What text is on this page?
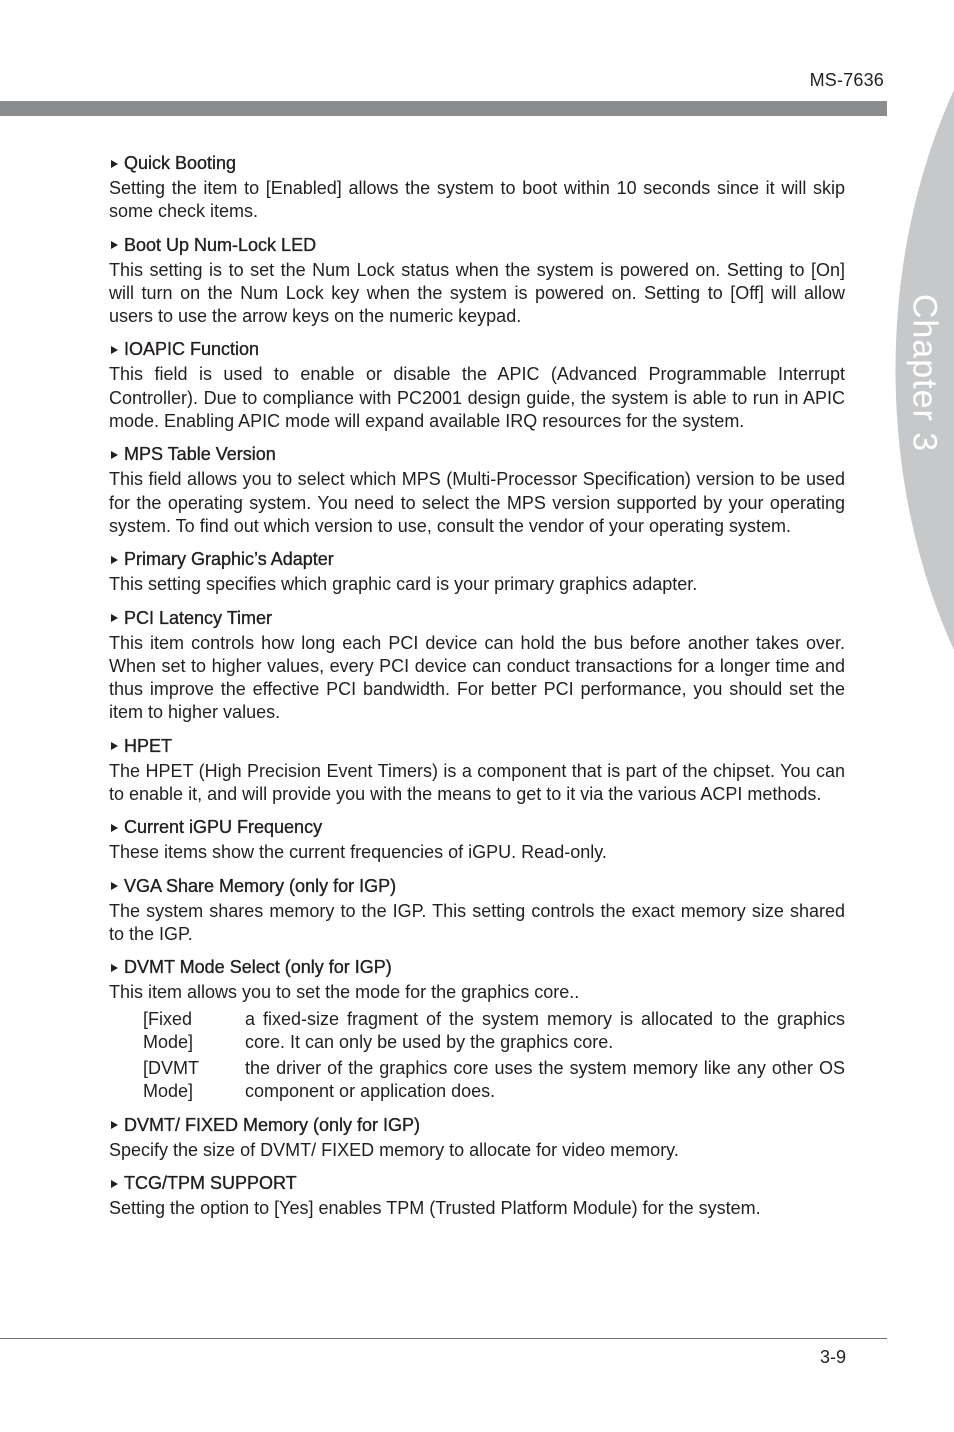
MS-7636
Chapter 3
Quick Booting

Setting the item to [Enabled] allows the system to boot within 10 seconds since it will skip some check items.

Boot Up Num-Lock LED

This setting is to set the Num Lock status when the system is powered on. Setting to [On] will turn on the Num Lock key when the system is powered on. Setting to [Off] will allow users to use the arrow keys on the numeric keypad.

IOAPIC Function

This field is used to enable or disable the APIC (Advanced Programmable Interrupt Controller). Due to compliance with PC2001 design guide, the system is able to run in APIC mode. Enabling APIC mode will expand available IRQ resources for the system.

MPS Table Version

This field allows you to select which MPS (Multi-Processor Specification) version to be used for the operating system. You need to select the MPS version supported by your operating system. To find out which version to use, consult the vendor of your operating system.

Primary Graphic’s Adapter

This setting specifies which graphic card is your primary graphics adapter.

PCI Latency Timer

This item controls how long each PCI device can hold the bus before another takes over. When set to higher values, every PCI device can conduct transactions for a longer time and thus improve the effective PCI bandwidth. For better PCI performance, you should set the item to higher values.

HPET

The HPET (High Precision Event Timers) is a component that is part of the chipset. You can to enable it, and will provide you with the means to get to it via the various ACPI methods.

Current iGPU Frequency

These items show the current frequencies of iGPU. Read-only.

VGA Share Memory (only for IGP)

The system shares memory to the IGP. This setting controls the exact memory size shared to the IGP.

DVMT Mode Select (only for IGP)

This item allows you to set the mode for the graphics core..

[Fixed Mode]
a fixed-size fragment of the system memory is allocated to the graphics core. It can only be used by the graphics core.
[DVMT Mode]
the driver of the graphics core uses the system memory like any other OS component or application does.
DVMT/ FIXED Memory (only for IGP)

Specify the size of DVMT/ FIXED memory to allocate for video memory.

TCG/TPM SUPPORT

Setting the option to [Yes] enables TPM (Trusted Platform Module) for the system.

3-9
